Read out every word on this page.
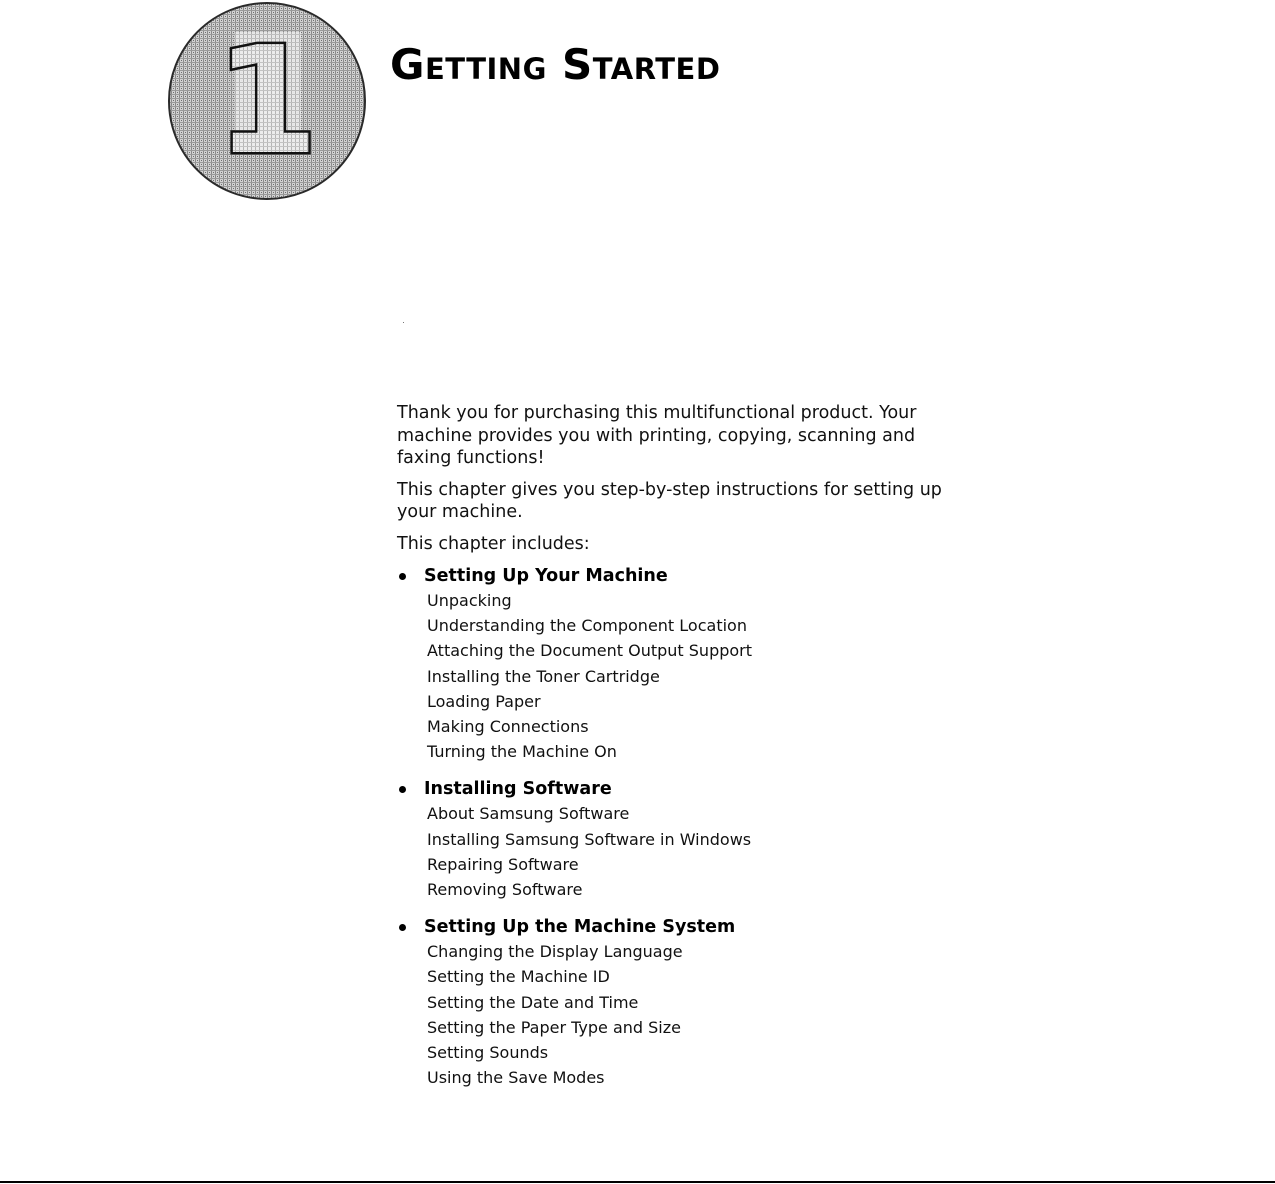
1 Getting Started

Thank you for purchasing this multifunctional product. Your machine provides you with printing, copying, scanning and faxing functions!

This chapter gives you step-by-step instructions for setting up your machine.

This chapter includes:

Setting Up Your Machine
Unpacking
Understanding the Component Location
Attaching the Document Output Support
Installing the Toner Cartridge
Loading Paper
Making Connections
Turning the Machine On
Installing Software
About Samsung Software
Installing Samsung Software in Windows
Repairing Software
Removing Software
Setting Up the Machine System
Changing the Display Language
Setting the Machine ID
Setting the Date and Time
Setting the Paper Type and Size
Setting Sounds
Using the Save Modes
